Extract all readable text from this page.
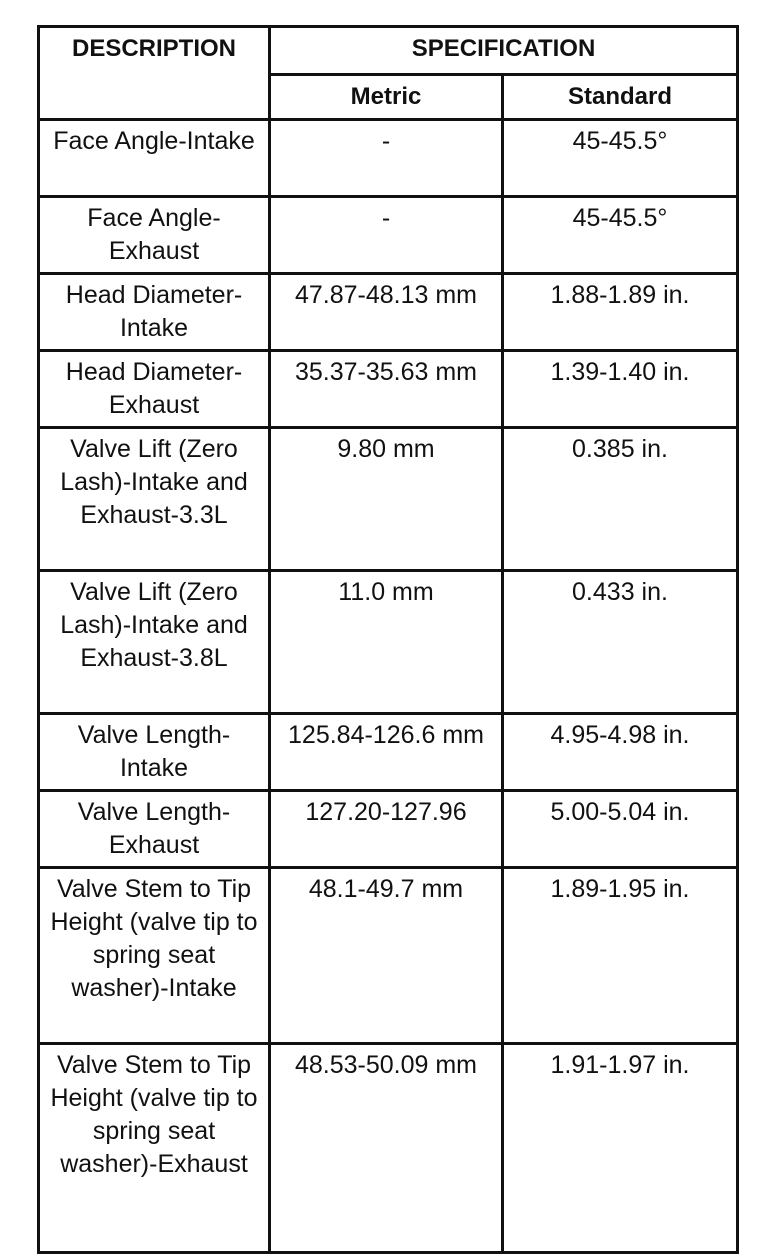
DESCRIPTION	SPECIFICATION	
	Metric	Standard
Face Angle-Intake	-	45-45.5°
Face Angle-Exhaust	-	45-45.5°
Head Diameter-Intake	47.87-48.13 mm	1.88-1.89 in.
Head Diameter-Exhaust	35.37-35.63 mm	1.39-1.40 in.
Valve Lift (Zero Lash)-Intake and Exhaust-3.3L	9.80 mm	0.385 in.
Valve Lift (Zero Lash)-Intake and Exhaust-3.8L	11.0 mm	0.433 in.
Valve Length-Intake	125.84-126.6 mm	4.95-4.98 in.
Valve Length-Exhaust	127.20-127.96	5.00-5.04 in.
Valve Stem to Tip Height (valve tip to spring seat washer)-Intake	48.1-49.7 mm	1.89-1.95 in.
Valve Stem to Tip Height (valve tip to spring seat washer)-Exhaust	48.53-50.09 mm	1.91-1.97 in.
